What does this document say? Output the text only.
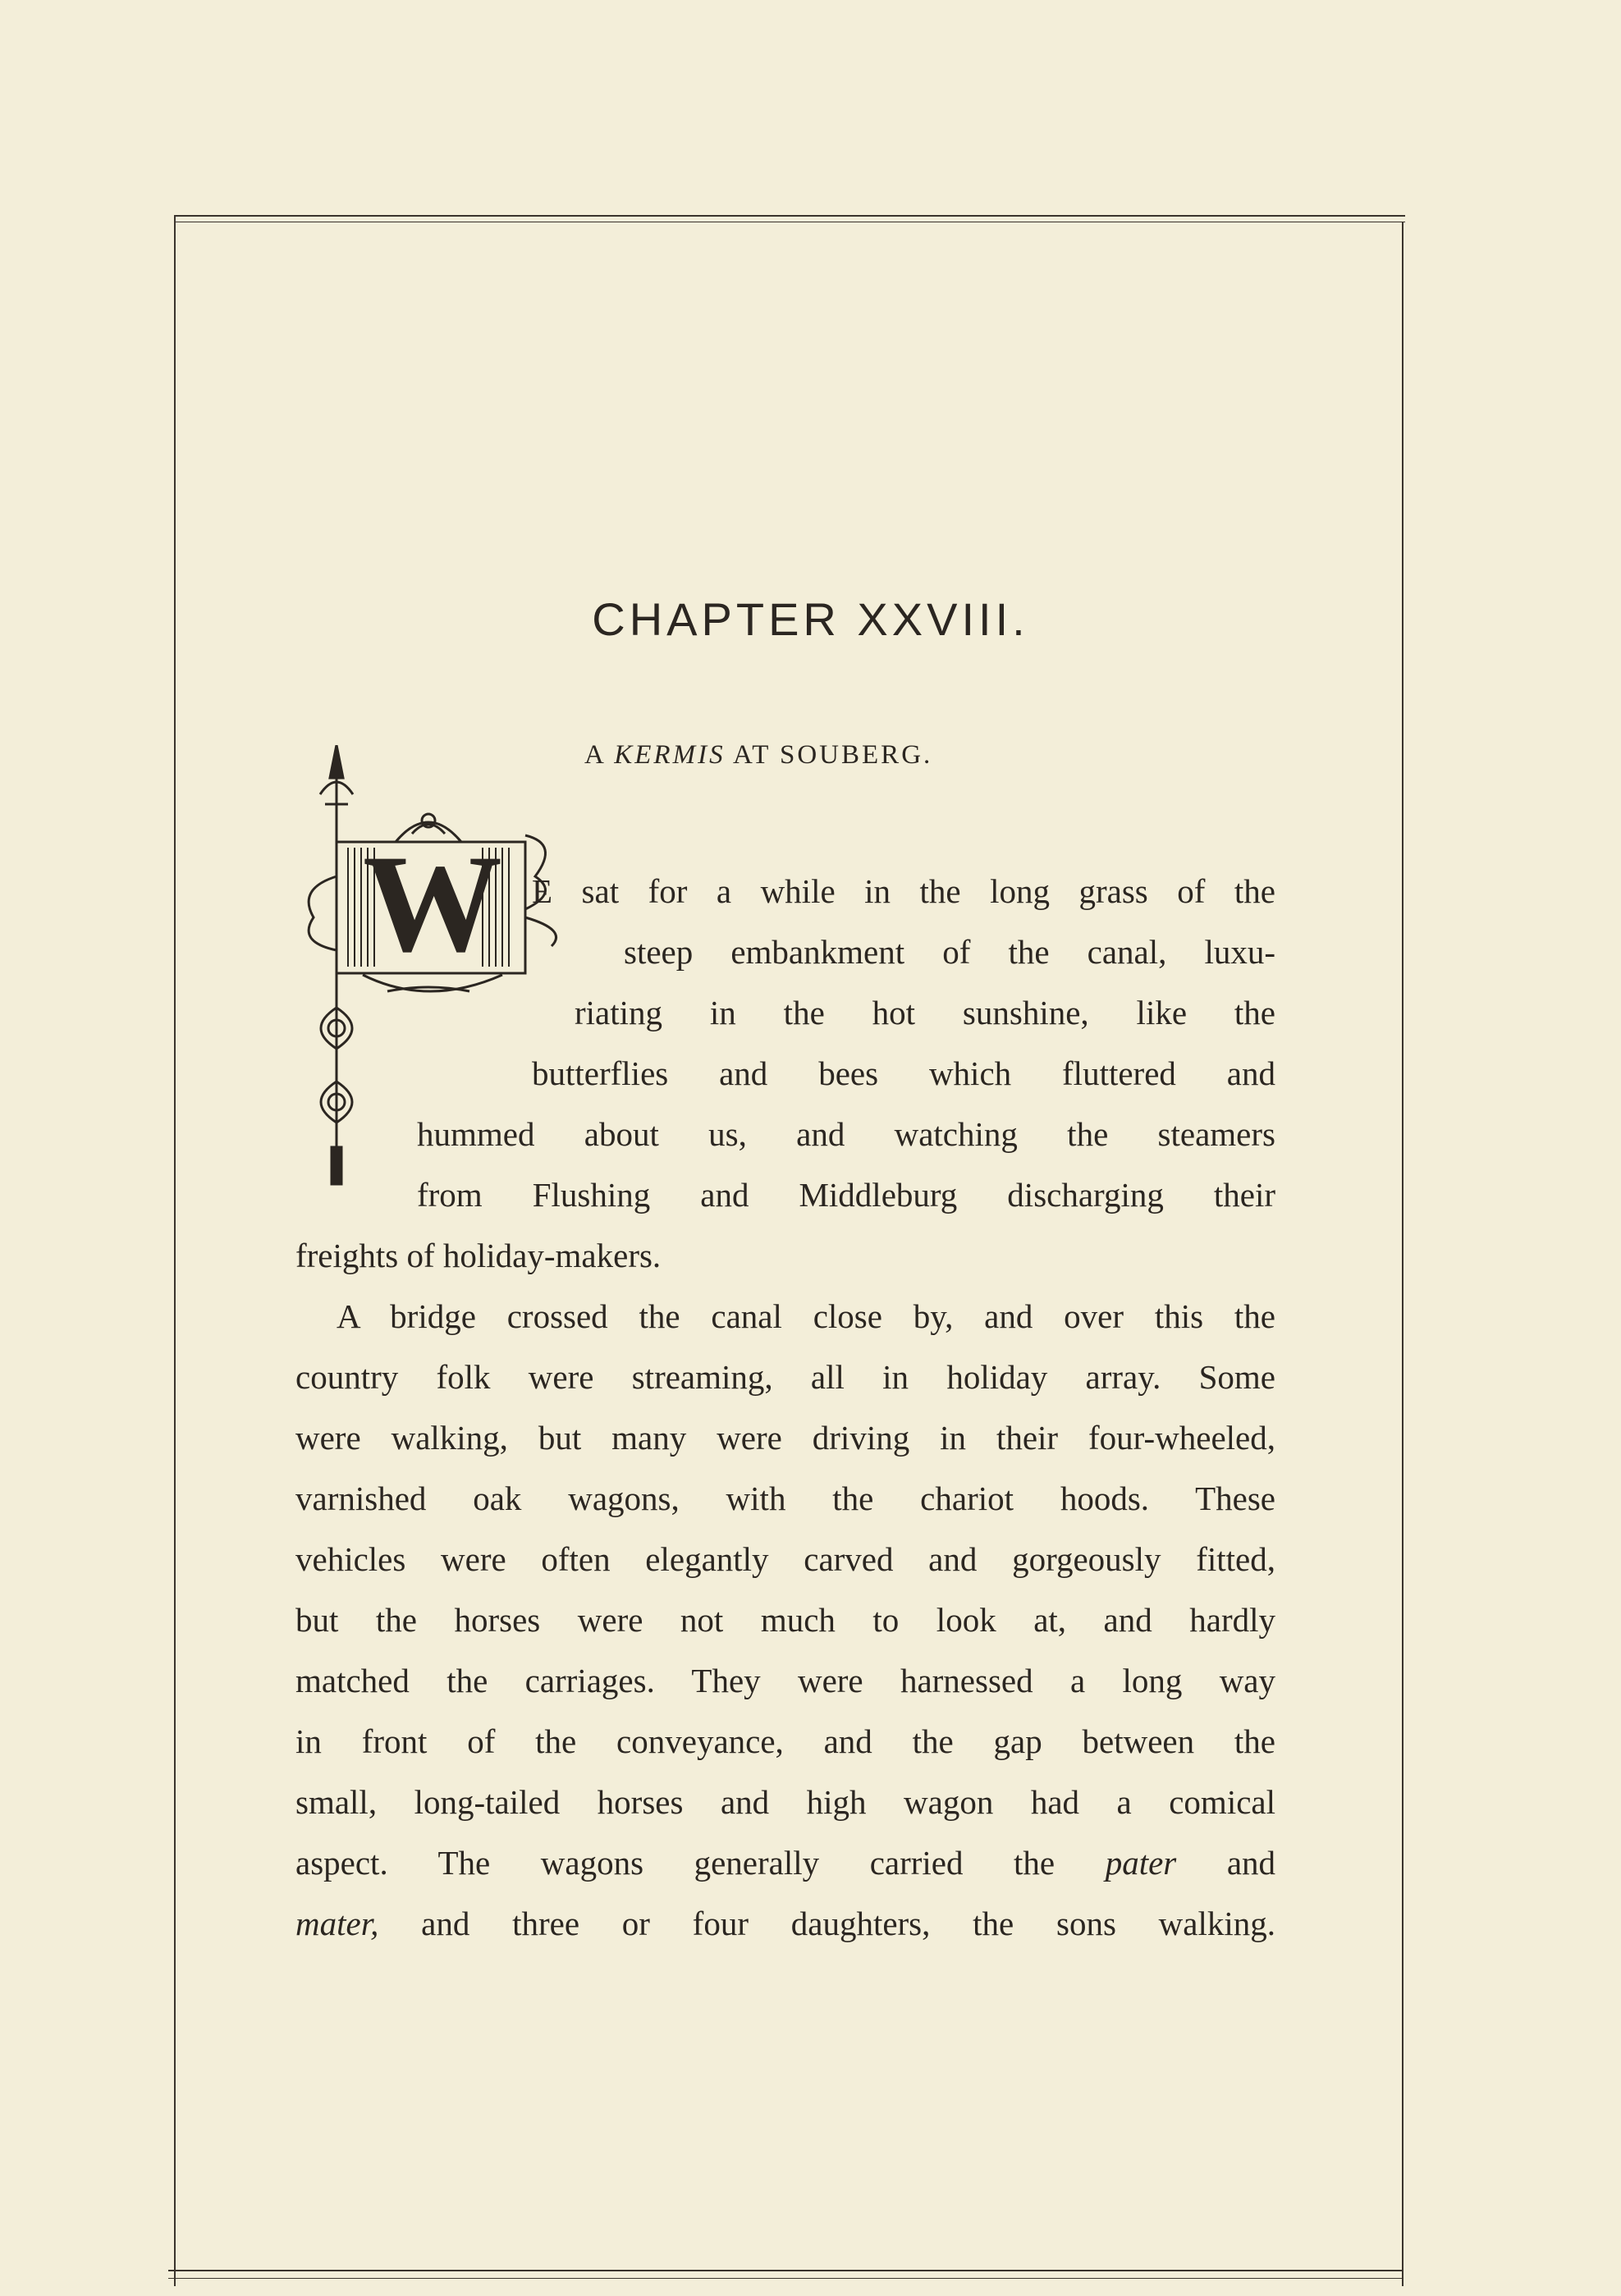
CHAPTER XXVIII.
A KERMIS AT SOUBERG.
W E sat for a while in the long grass of the
steep embankment of the canal, luxu-
riating in the hot sunshine, like the
butterflies and bees which fluttered and
hummed about us, and watching the steamers
from Flushing and Middleburg discharging their
freights of holiday-makers.
A bridge crossed the canal close by, and over this the
country folk were streaming, all in holiday array. Some
were walking, but many were driving in their four-wheeled,
varnished oak wagons, with the chariot hoods. These
vehicles were often elegantly carved and gorgeously fitted,
but the horses were not much to look at, and hardly
matched the carriages. They were harnessed a long way
in front of the conveyance, and the gap between the
small, long-tailed horses and high wagon had a comical
aspect. The wagons generally carried the pater and
mater, and three or four daughters, the sons walking.
